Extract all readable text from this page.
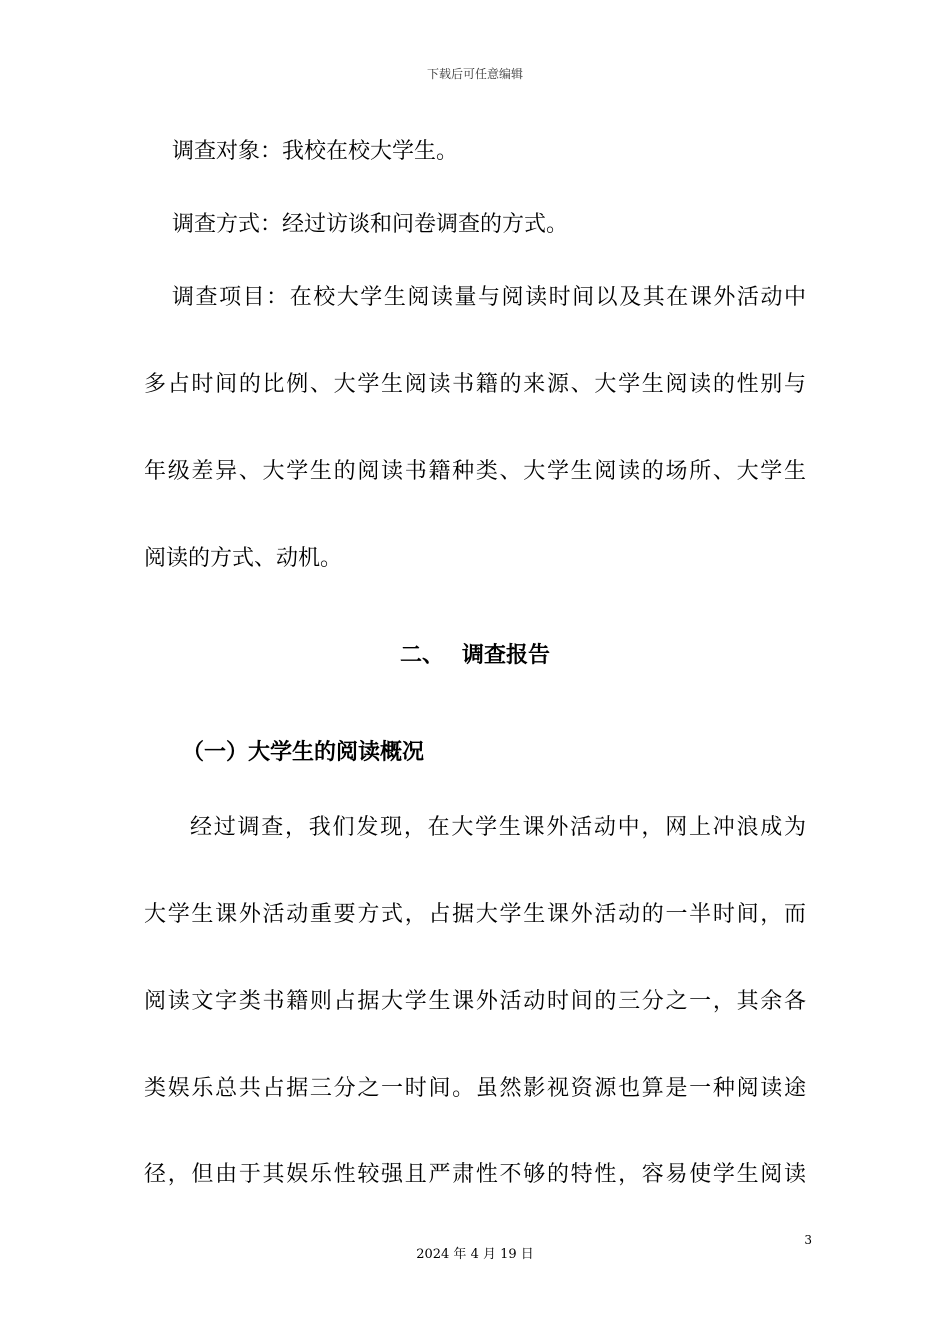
下载后可任意编辑
调查对象：我校在校大学生。
调查方式：经过访谈和问卷调查的方式。
调查项目：在校大学生阅读量与阅读时间以及其在课外活动中
多占时间的比例、大学生阅读书籍的来源、大学生阅读的性别与
年级差异、大学生的阅读书籍种类、大学生阅读的场所、大学生
阅读的方式、动机。
二、 调查报告
（一）大学生的阅读概况
经过调查，我们发现，在大学生课外活动中，网上冲浪成为
大学生课外活动重要方式，占据大学生课外活动的一半时间，而
阅读文字类书籍则占据大学生课外活动时间的三分之一，其余各
类娱乐总共占据三分之一时间。虽然影视资源也算是一种阅读途
径，但由于其娱乐性较强且严肃性不够的特性，容易使学生阅读
3
2024 年 4 月 19 日
